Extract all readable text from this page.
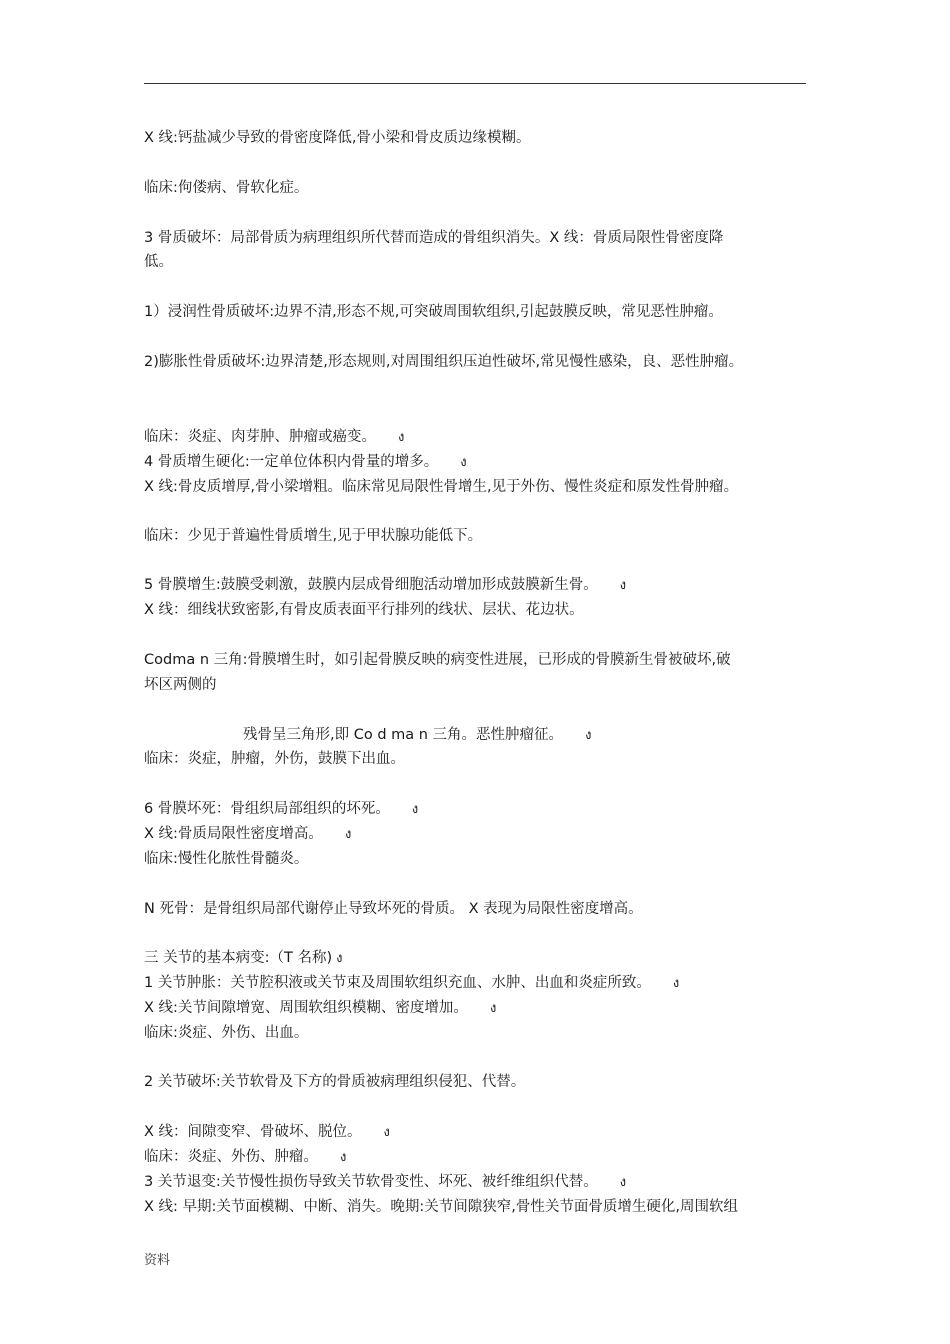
X 线:钙盐减少导致的骨密度降低,骨小梁和骨皮质边缘模糊。
临床:佝偻病、骨软化症。
3 骨质破坏：局部骨质为病理组织所代替而造成的骨组织消失。X 线：骨质局限性骨密度降
低。
1）浸润性骨质破坏:边界不清,形态不规,可突破周围软组织,引起鼓膜反映，常见恶性肿瘤。
2)膨胀性骨质破坏:边界清楚,形态规则,对周围组织压迫性破坏,常见慢性感染，良、恶性肿瘤。
临床：炎症、肉芽肿、肿瘤或癌变。 ง
4 骨质增生硬化:一定单位体积内骨量的增多。 ง
X 线:骨皮质增厚,骨小梁增粗。临床常见局限性骨增生,见于外伤、慢性炎症和原发性骨肿瘤。
临床：少见于普遍性骨质增生,见于甲状腺功能低下。
5 骨膜增生:鼓膜受刺激，鼓膜内层成骨细胞活动增加形成鼓膜新生骨。 ง
X 线：细线状致密影,有骨皮质表面平行排列的线状、层状、花边状。
Codma n 三角:骨膜增生时，如引起骨膜反映的病变性进展，已形成的骨膜新生骨被破坏,破
坏区两侧的
残骨呈三角形,即 Co d ma n 三角。恶性肿瘤征。 ง
临床：炎症，肿瘤，外伤，鼓膜下出血。
6 骨膜坏死：骨组织局部组织的坏死。 ง
X 线:骨质局限性密度增高。 ง
临床:慢性化脓性骨髓炎。
N 死骨：是骨组织局部代谢停止导致坏死的骨质。 X 表现为局限性密度增高。
三 关节的基本病变:（T 名称) ง
1 关节肿胀：关节腔积液或关节束及周围软组织充血、水肿、出血和炎症所致。 ง
X 线:关节间隙增宽、周围软组织模糊、密度增加。 ง
临床:炎症、外伤、出血。
2 关节破坏:关节软骨及下方的骨质被病理组织侵犯、代替。
X 线：间隙变窄、骨破坏、脱位。 ง
临床：炎症、外伤、肿瘤。 ง
3 关节退变:关节慢性损伤导致关节软骨变性、坏死、被纤维组织代替。 ง
X 线: 早期:关节面模糊、中断、消失。晚期:关节间隙狭窄,骨性关节面骨质增生硬化,周围软组
资料
